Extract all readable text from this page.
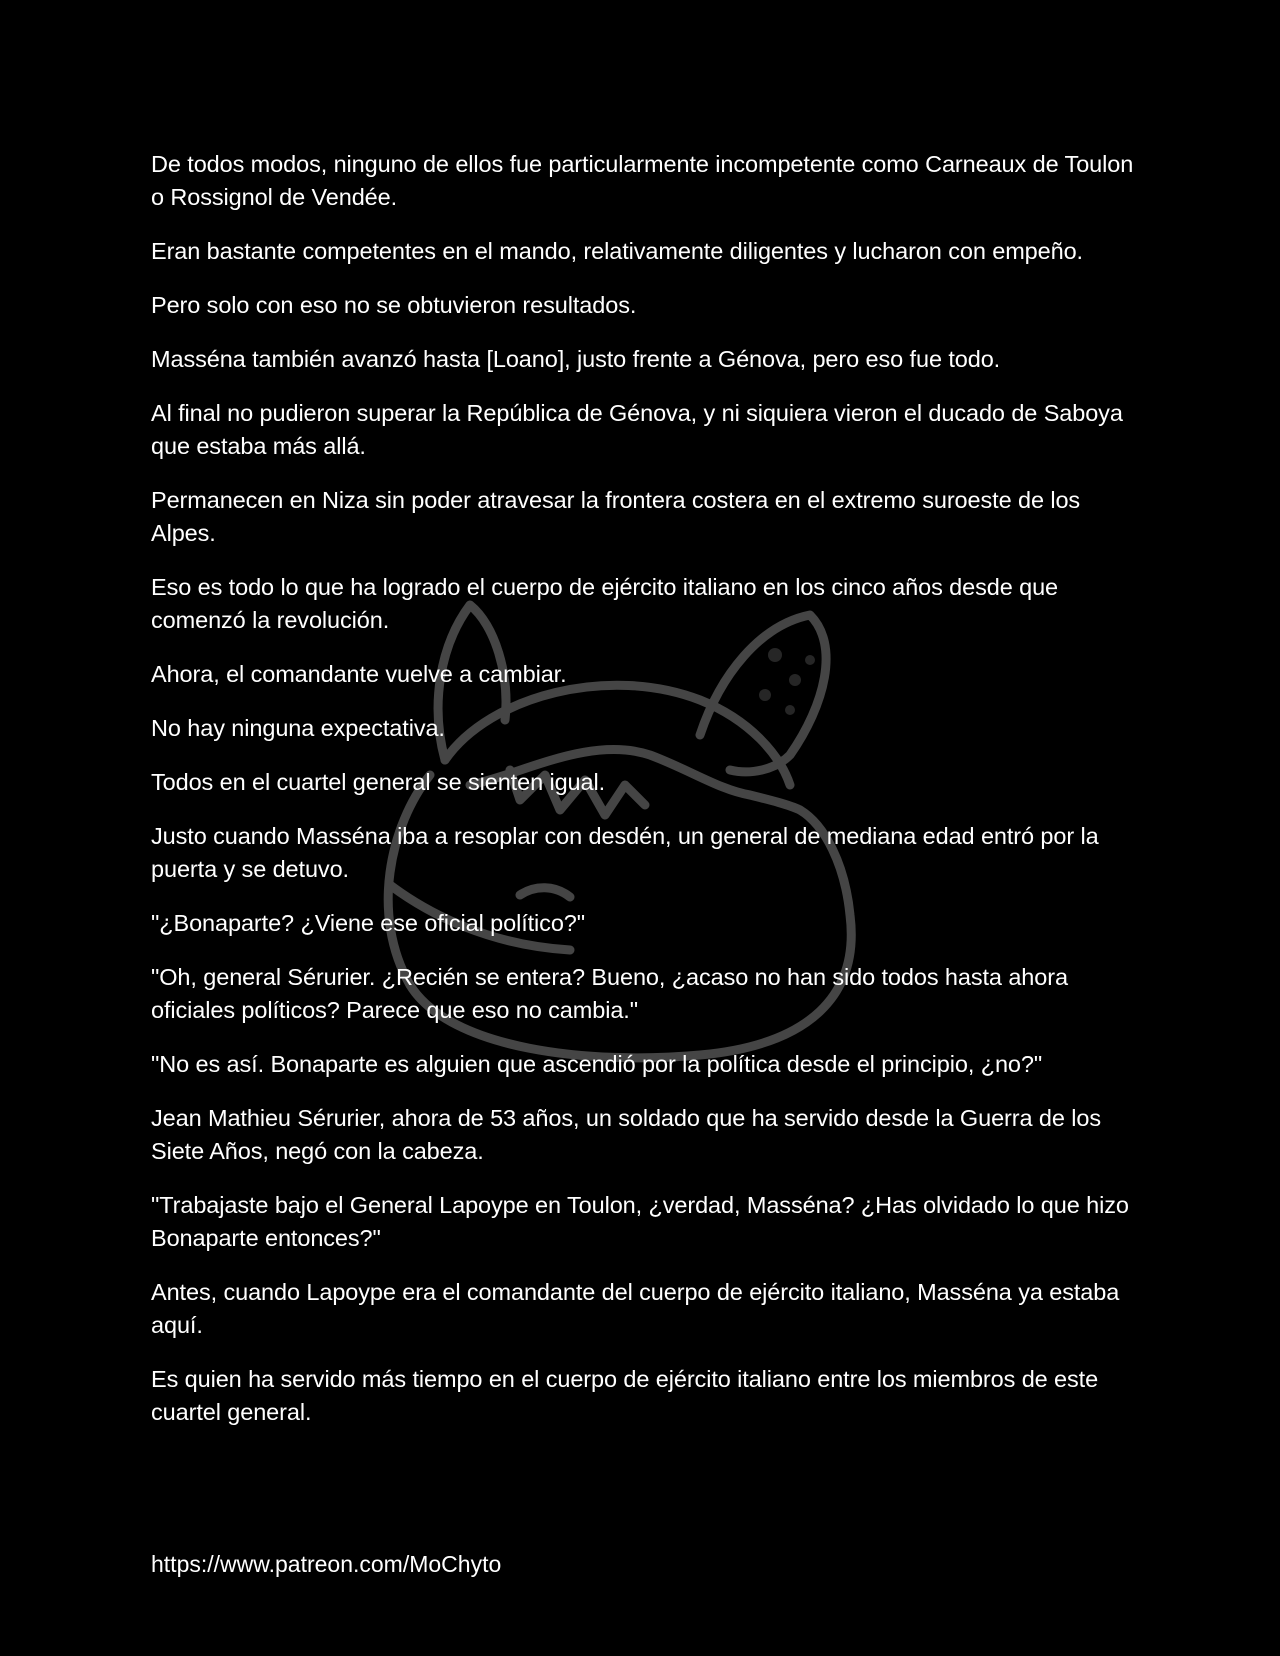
De todos modos, ninguno de ellos fue particularmente incompetente como Carneaux de Toulon o Rossignol de Vendée.

Eran bastante competentes en el mando, relativamente diligentes y lucharon con empeño.

Pero solo con eso no se obtuvieron resultados.

Masséna también avanzó hasta [Loano], justo frente a Génova, pero eso fue todo.

Al final no pudieron superar la República de Génova, y ni siquiera vieron el ducado de Saboya que estaba más allá.

Permanecen en Niza sin poder atravesar la frontera costera en el extremo suroeste de los Alpes.

Eso es todo lo que ha logrado el cuerpo de ejército italiano en los cinco años desde que comenzó la revolución.

Ahora, el comandante vuelve a cambiar.

No hay ninguna expectativa.

Todos en el cuartel general se sienten igual.

Justo cuando Masséna iba a resoplar con desdén, un general de mediana edad entró por la puerta y se detuvo.

"¿Bonaparte? ¿Viene ese oficial político?"

"Oh, general Sérurier. ¿Recién se entera? Bueno, ¿acaso no han sido todos hasta ahora oficiales políticos? Parece que eso no cambia."

"No es así. Bonaparte es alguien que ascendió por la política desde el principio, ¿no?"

Jean Mathieu Sérurier, ahora de 53 años, un soldado que ha servido desde la Guerra de los Siete Años, negó con la cabeza.

"Trabajaste bajo el General Lapoype en Toulon, ¿verdad, Masséna? ¿Has olvidado lo que hizo Bonaparte entonces?"

Antes, cuando Lapoype era el comandante del cuerpo de ejército italiano, Masséna ya estaba aquí.

Es quien ha servido más tiempo en el cuerpo de ejército italiano entre los miembros de este cuartel general.

https://www.patreon.com/MoChyto
